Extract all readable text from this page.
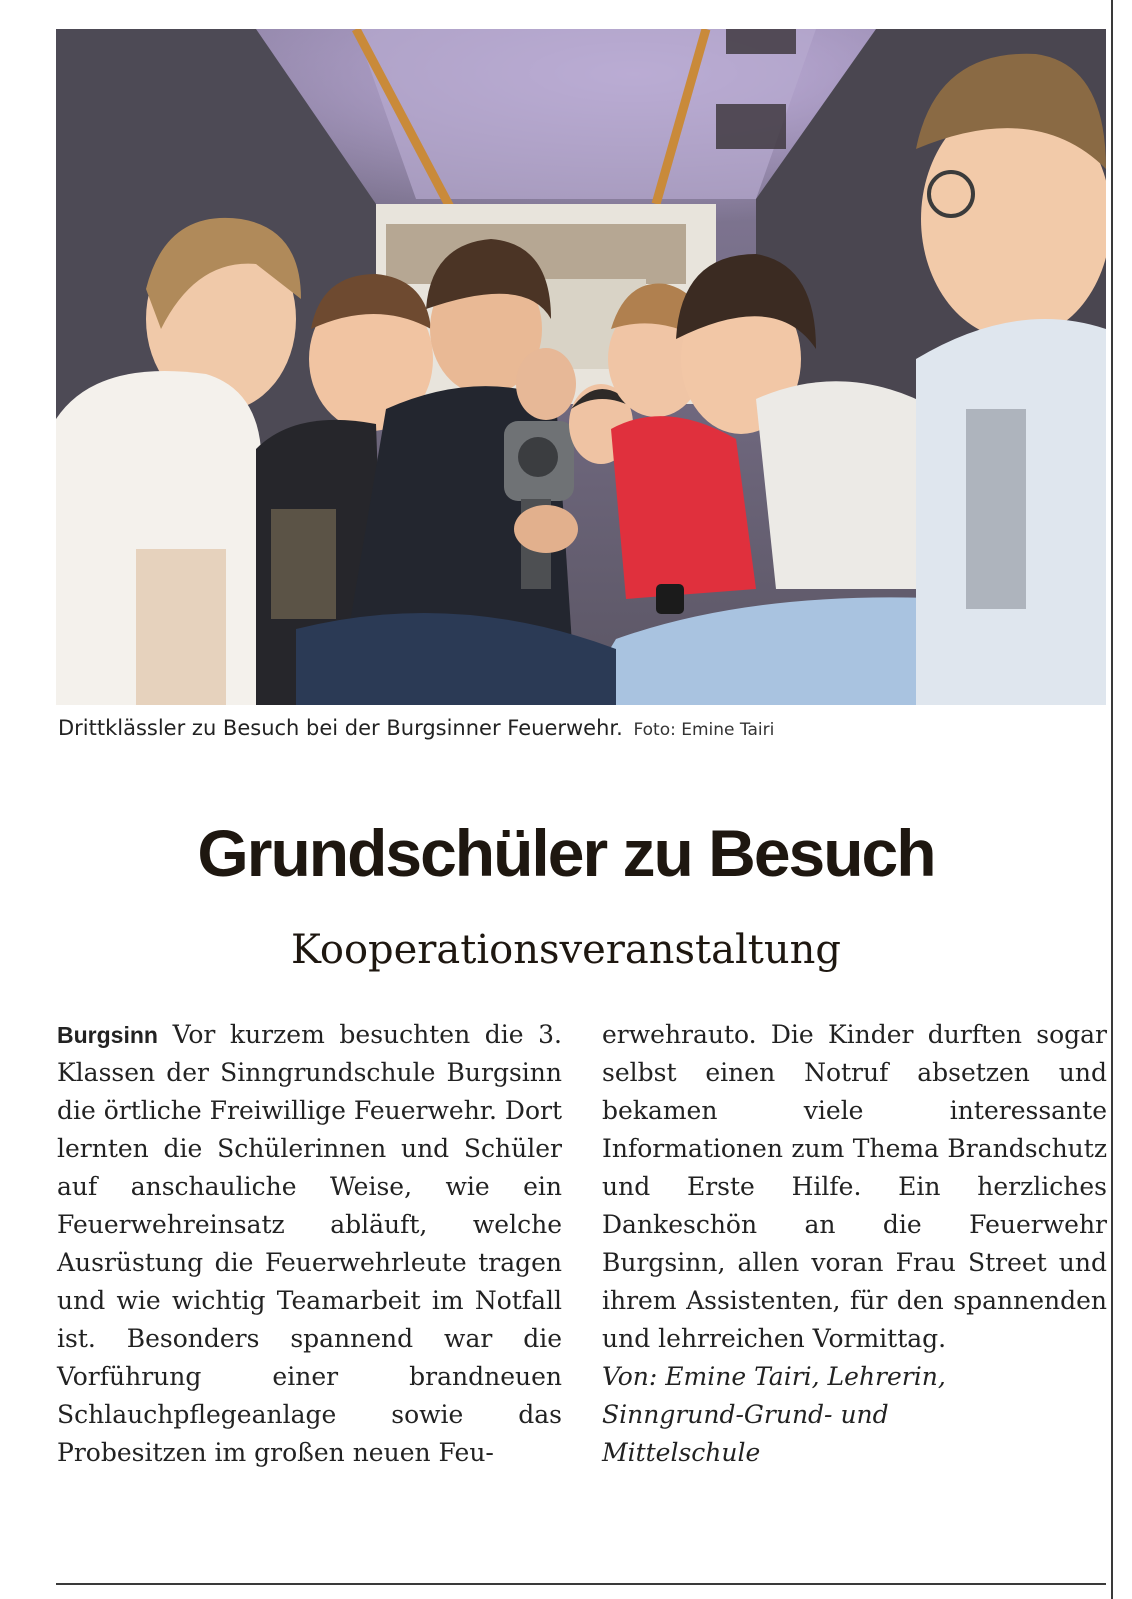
Drittklässler zu Besuch bei der Burgsinner Feuerwehr. Foto: Emine Tairi
Grundschüler zu Besuch
Kooperationsveranstaltung
Burgsinn Vor kurzem besuchten die 3. Klassen der Sinngrundschule Burgsinn die örtliche Freiwillige Feuerwehr. Dort lernten die Schülerinnen und Schüler auf anschauliche Weise, wie ein Feuerwehreinsatz abläuft, welche Ausrüstung die Feuerwehrleute tragen und wie wichtig Teamarbeit im Notfall ist. Besonders spannend war die Vorführung einer brandneuen Schlauchpflegeanlage sowie das Probesitzen im großen neuen Feu-
erwehrauto. Die Kinder durften sogar selbst einen Notruf absetzen und bekamen viele interessante Informationen zum Thema Brandschutz und Erste Hilfe. Ein herzliches Dankeschön an die Feuerwehr Burgsinn, allen voran Frau Street und ihrem Assistenten, für den spannenden und lehrreichen Vormittag.
Von: Emine Tairi, Lehrerin,
Sinngrund-Grund- und
Mittelschule
